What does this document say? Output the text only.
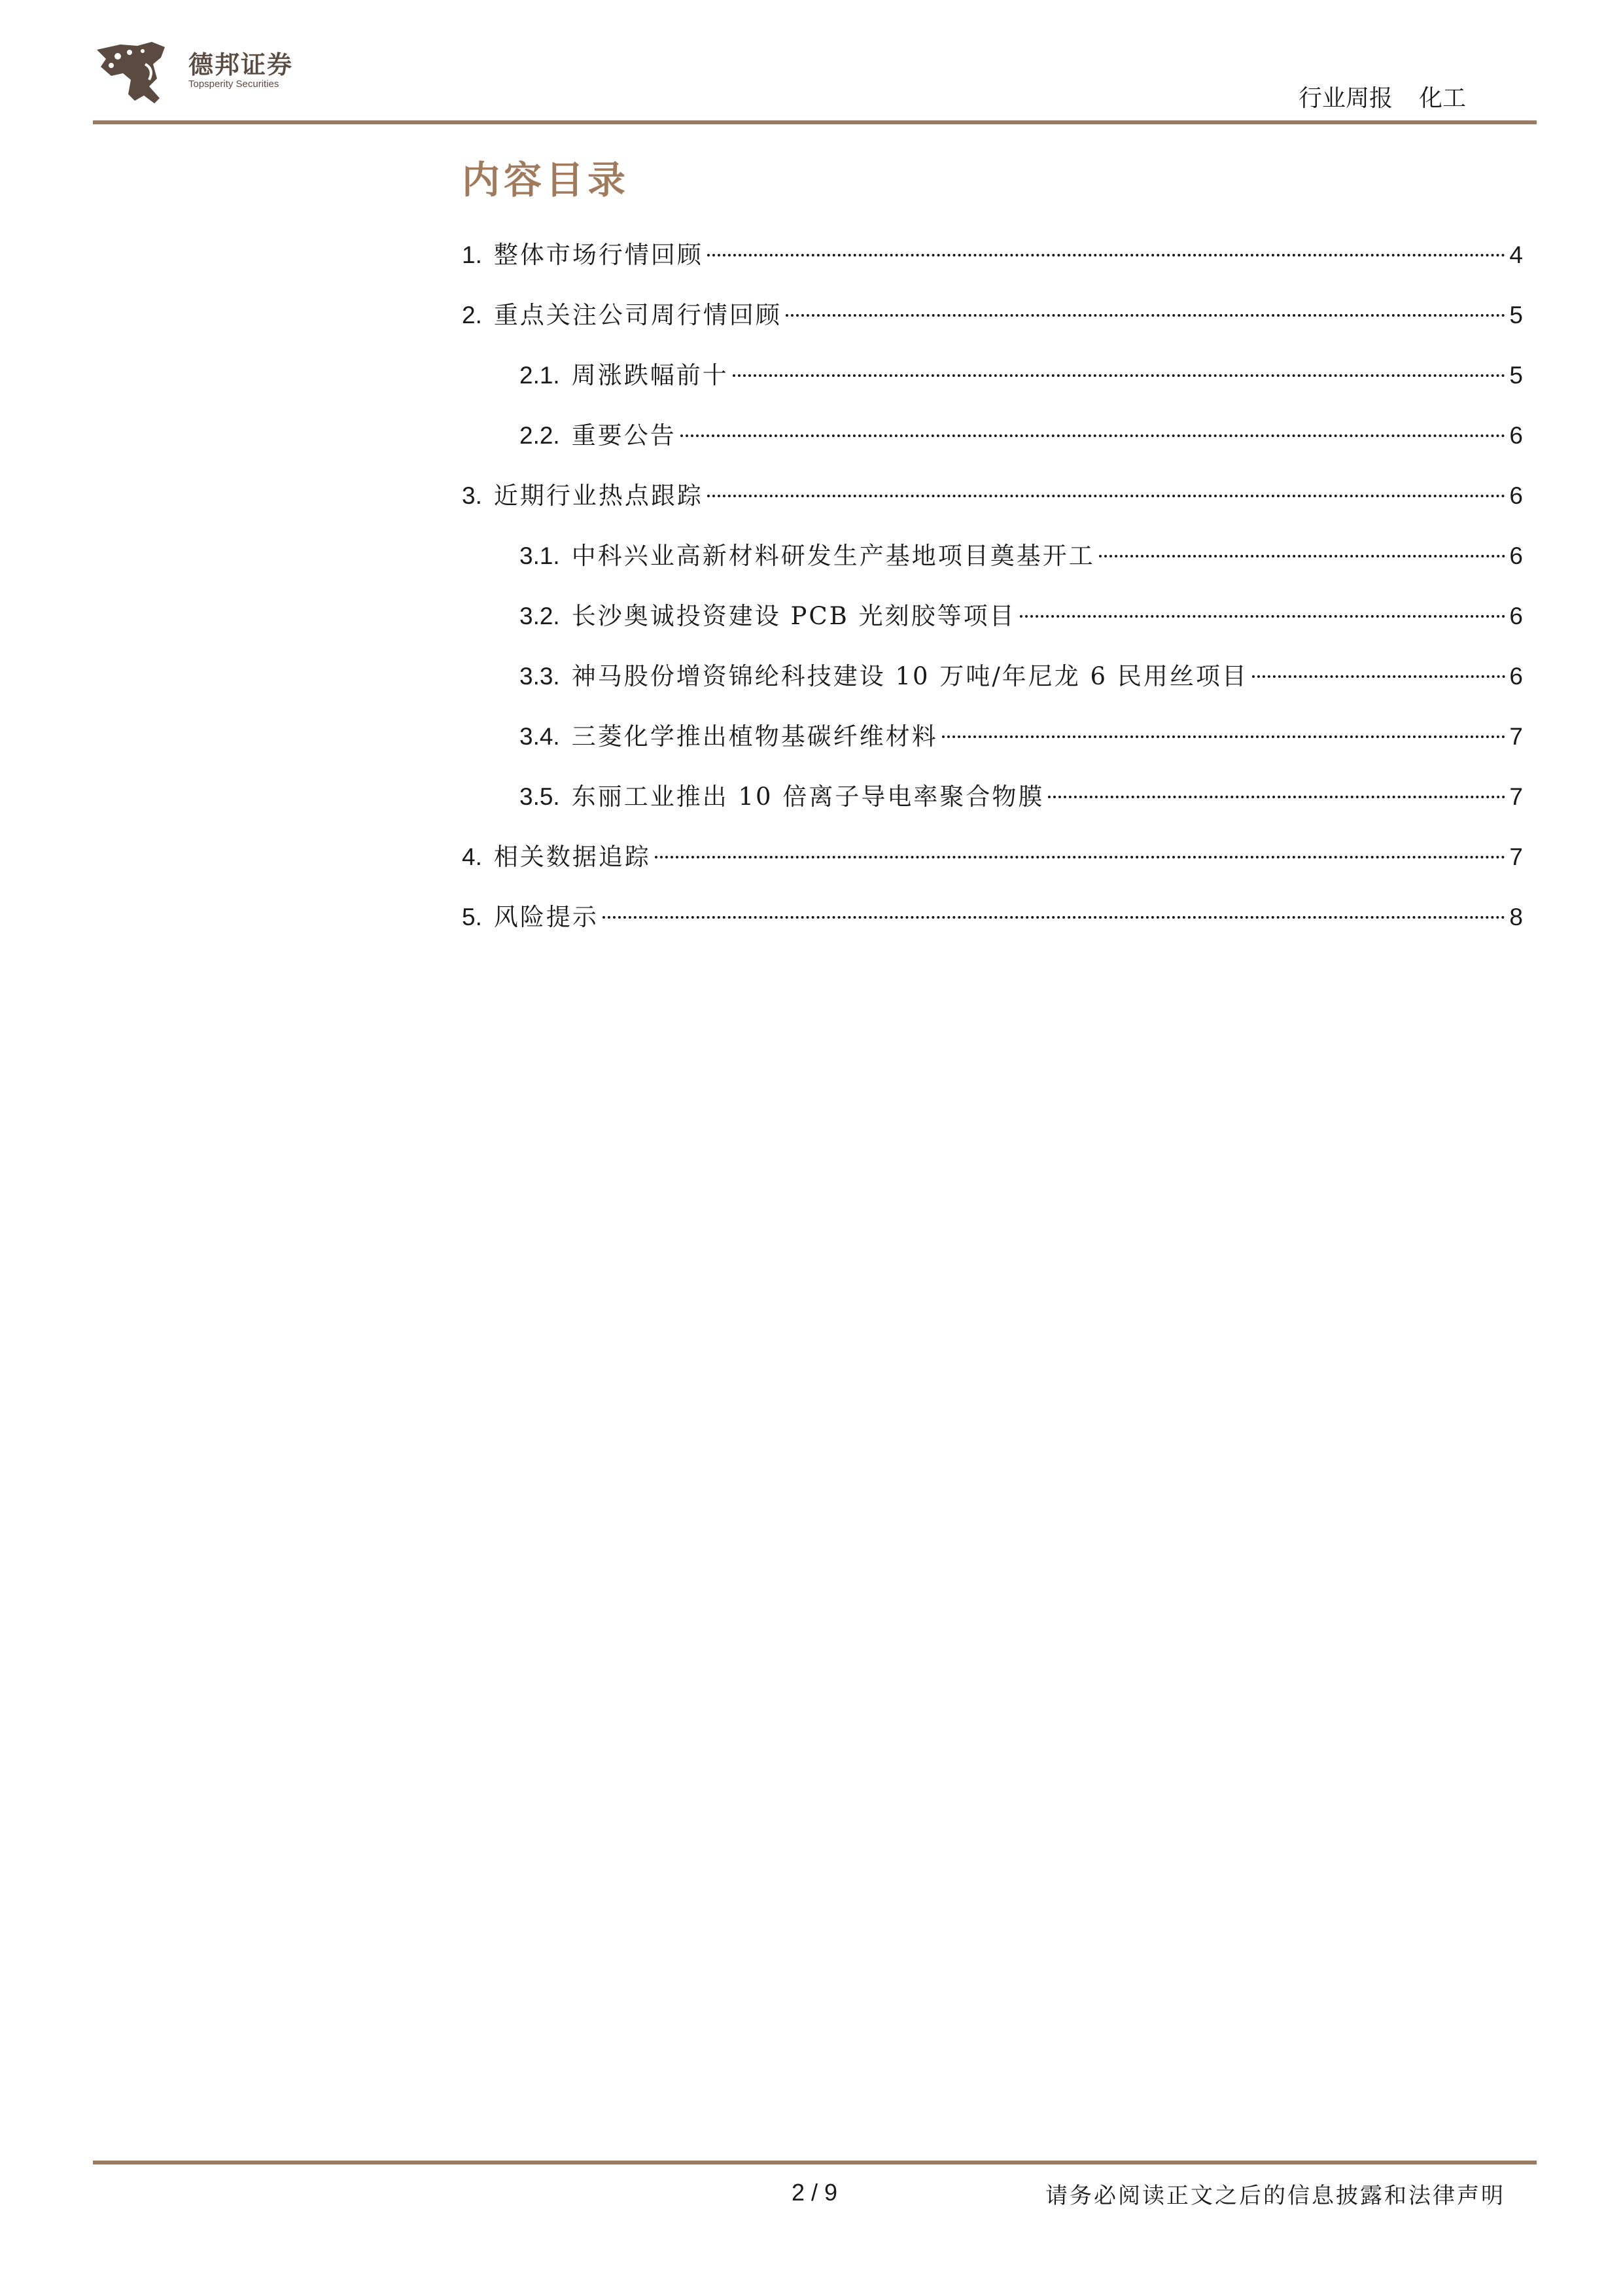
德邦证券
Topsperity Securities
行业周报 化工
内容目录
1. 整体市场行情回顾	4
2. 重点关注公司周行情回顾	5
2.1. 周涨跌幅前十	5
2.2. 重要公告	6
3. 近期行业热点跟踪	6
3.1. 中科兴业高新材料研发生产基地项目奠基开工	6
3.2. 长沙奥诚投资建设 PCB 光刻胶等项目	6
3.3. 神马股份增资锦纶科技建设 10 万吨/年尼龙 6 民用丝项目	6
3.4. 三菱化学推出植物基碳纤维材料	7
3.5. 东丽工业推出 10 倍离子导电率聚合物膜	7
4. 相关数据追踪	7
5. 风险提示	8
2 / 9	请务必阅读正文之后的信息披露和法律声明
